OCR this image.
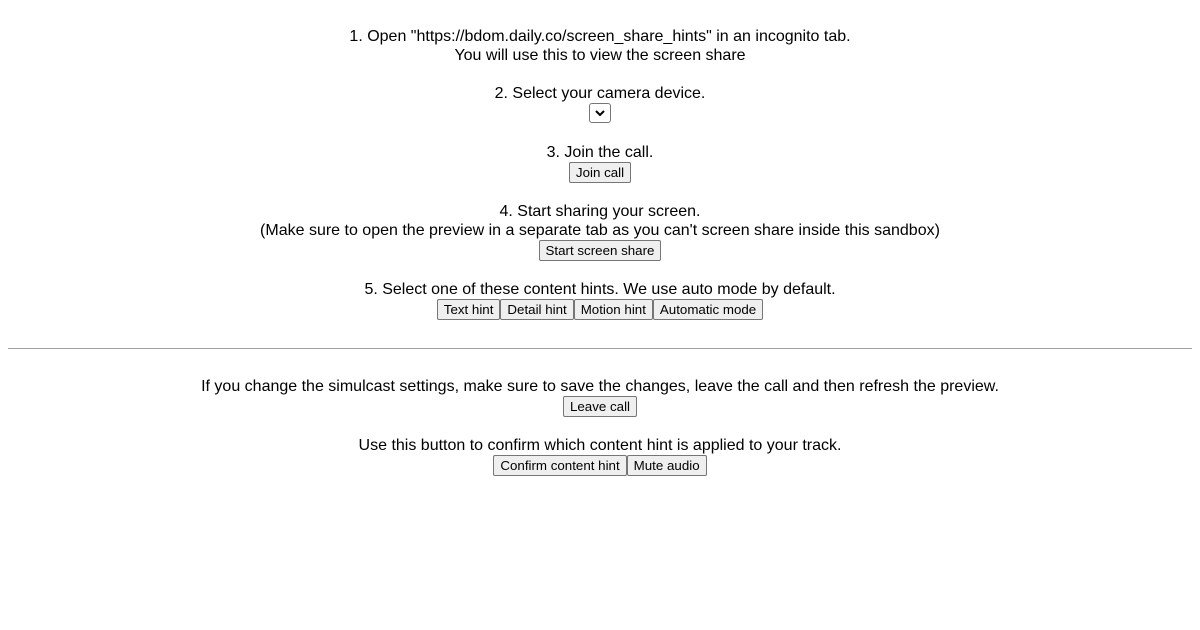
1. Open "https://bdom.daily.co/screen_share_hints" in an incognito tab.
You will use this to view the screen share
2. Select your camera device.
3. Join the call.
Join call
4. Start sharing your screen.
(Make sure to open the preview in a separate tab as you can't screen share inside this sandbox)
Start screen share
5. Select one of these content hints. We use auto mode by default.
Text hint Detail hint Motion hint Automatic mode
If you change the simulcast settings, make sure to save the changes, leave the call and then refresh the preview.
Leave call
Use this button to confirm which content hint is applied to your track.
Confirm content hint Mute audio
